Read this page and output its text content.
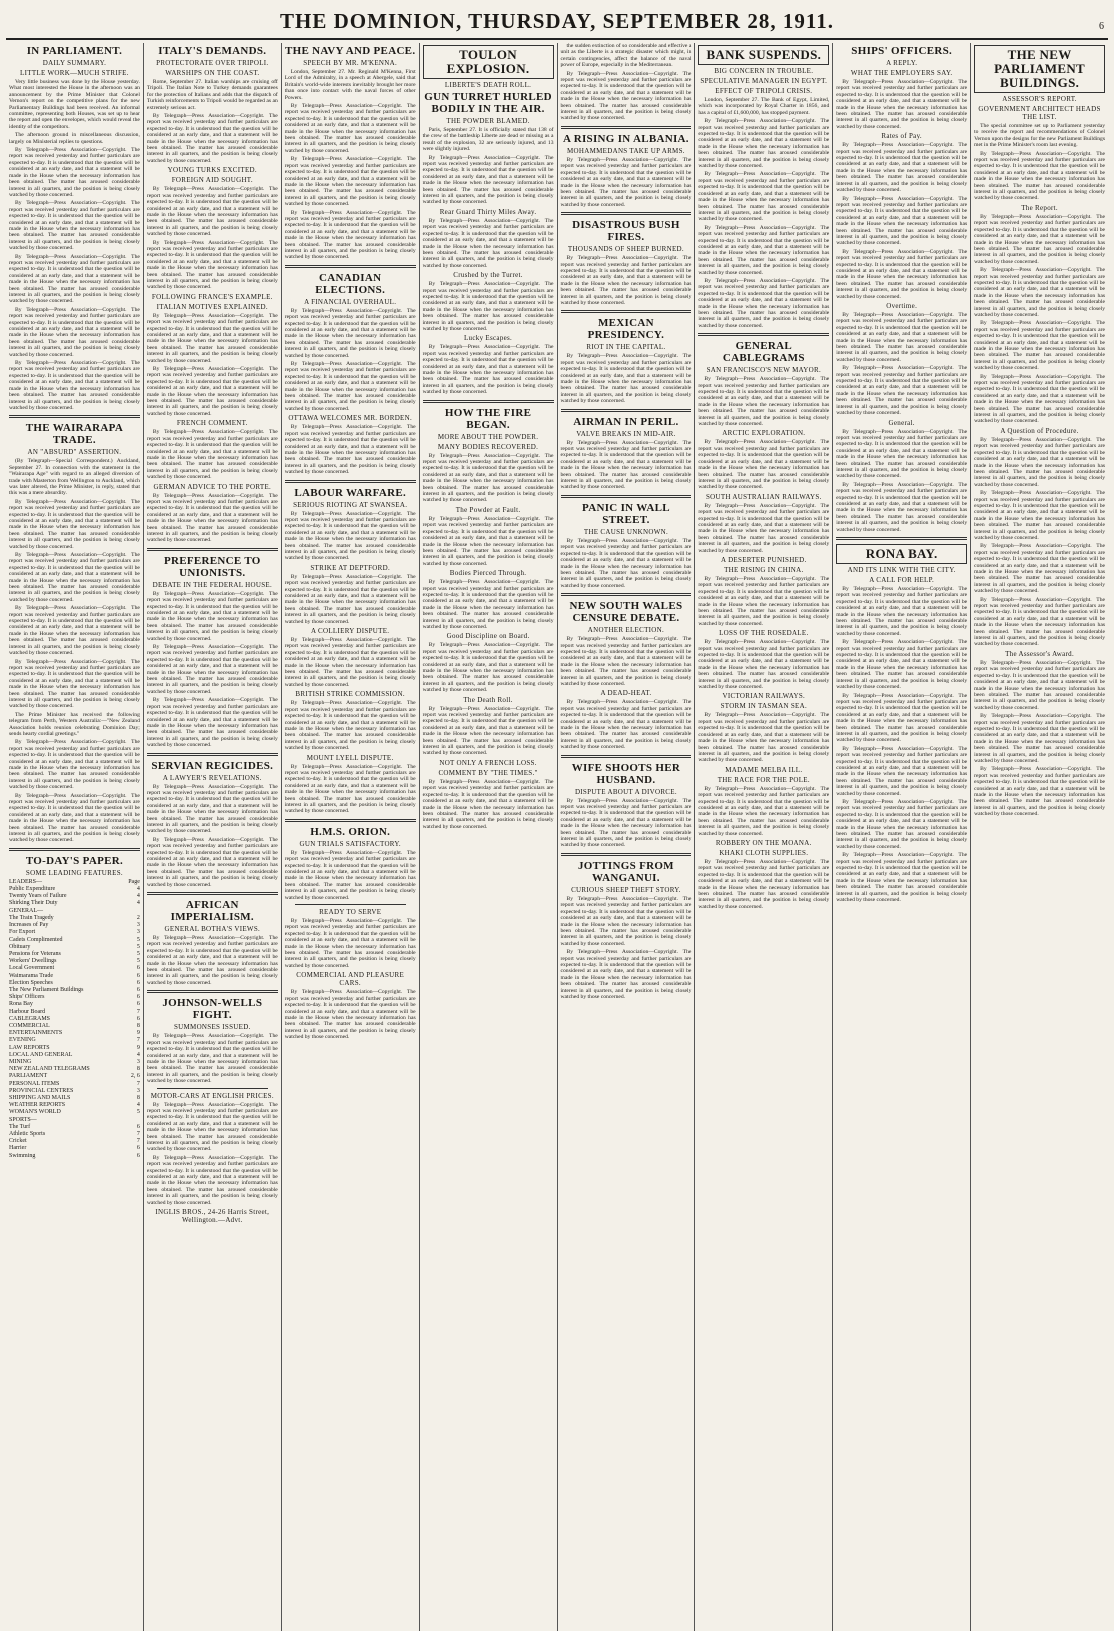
THE DOMINION, THURSDAY, SEPTEMBER 28, 1911.	6
IN PARLIAMENT.
DAILY SUMMARY.
LITTLE WORK—MUCH STRIFE.

Very little business was done by the House yesterday. What most interested the House in the afternoon was an announcement by the Prime Minister that Colonel Vernon's report on the competitive plans for the new Parliamentary Buildings had been received. An informal committee, representing both Houses, was set up to hear the report and open the envelopes, which would reveal the identity of the competitors.

The afternoon ground in miscellaneous discussion, largely on Ministerial replies to questions.

By Telegraph—Press Association—Copyright. The report was received yesterday and further particulars are expected to-day. It is understood that the question will be considered at an early date, and that a statement will be made in the House when the necessary information has been obtained. The matter has aroused considerable interest in all quarters, and the position is being closely watched by those concerned.

By Telegraph—Press Association—Copyright. The report was received yesterday and further particulars are expected to-day. It is understood that the question will be considered at an early date, and that a statement will be made in the House when the necessary information has been obtained. The matter has aroused considerable interest in all quarters, and the position is being closely watched by those concerned.

By Telegraph—Press Association—Copyright. The report was received yesterday and further particulars are expected to-day. It is understood that the question will be considered at an early date, and that a statement will be made in the House when the necessary information has been obtained. The matter has aroused considerable interest in all quarters, and the position is being closely watched by those concerned.

By Telegraph—Press Association—Copyright. The report was received yesterday and further particulars are expected to-day. It is understood that the question will be considered at an early date, and that a statement will be made in the House when the necessary information has been obtained. The matter has aroused considerable interest in all quarters, and the position is being closely watched by those concerned.

By Telegraph—Press Association—Copyright. The report was received yesterday and further particulars are expected to-day. It is understood that the question will be considered at an early date, and that a statement will be made in the House when the necessary information has been obtained. The matter has aroused considerable interest in all quarters, and the position is being closely watched by those concerned.

THE WAIRARAPA TRADE.
AN "ABSURD" ASSERTION.

(By Telegraph—Special Correspondent.) Auckland, September 27. In connection with the statement in the "Wairarapa Age" with regard to an alleged diversion of trade with Masterton from Wellington to Auckland, which was later altered, the Prime Minister, in reply, stated that this was a mere absurdity.

By Telegraph—Press Association—Copyright. The report was received yesterday and further particulars are expected to-day. It is understood that the question will be considered at an early date, and that a statement will be made in the House when the necessary information has been obtained. The matter has aroused considerable interest in all quarters, and the position is being closely watched by those concerned.

By Telegraph—Press Association—Copyright. The report was received yesterday and further particulars are expected to-day. It is understood that the question will be considered at an early date, and that a statement will be made in the House when the necessary information has been obtained. The matter has aroused considerable interest in all quarters, and the position is being closely watched by those concerned.

By Telegraph—Press Association—Copyright. The report was received yesterday and further particulars are expected to-day. It is understood that the question will be considered at an early date, and that a statement will be made in the House when the necessary information has been obtained. The matter has aroused considerable interest in all quarters, and the position is being closely watched by those concerned.

By Telegraph—Press Association—Copyright. The report was received yesterday and further particulars are expected to-day. It is understood that the question will be considered at an early date, and that a statement will be made in the House when the necessary information has been obtained. The matter has aroused considerable interest in all quarters, and the position is being closely watched by those concerned.

The Prime Minister has received the following telegram from Perth, Western Australia:—"New Zealand Association holds reunion celebrating Dominion Day; sends hearty cordial greetings."

By Telegraph—Press Association—Copyright. The report was received yesterday and further particulars are expected to-day. It is understood that the question will be considered at an early date, and that a statement will be made in the House when the necessary information has been obtained. The matter has aroused considerable interest in all quarters, and the position is being closely watched by those concerned.

By Telegraph—Press Association—Copyright. The report was received yesterday and further particulars are expected to-day. It is understood that the question will be considered at an early date, and that a statement will be made in the House when the necessary information has been obtained. The matter has aroused considerable interest in all quarters, and the position is being closely watched by those concerned.

TO-DAY'S PAPER.
SOME LEADING FEATURES.
LEADERS—	Page
Public Expenditure	4
Twenty Years of Failure	4
Shirking Their Duty	4
GENERAL—
The Train Tragedy	2
Increases of Pay	3
For Export	3
Cadets Complimented	5
Obituary	5
Pensions for Veterans	5
Workers' Dwellings	5
Local Government	6
Waimarama Trade	6
Election Speeches	6
The New Parliament Buildings	6
Ships' Officers	6
Rona Bay	6
Harbour Board	7
CABLEGRAMS	6
COMMERCIAL	8
ENTERTAINMENTS	9
EVENING	7
LAW REPORTS	9
LOCAL AND GENERAL	4
MINING	3
NEW ZEALAND TELEGRAMS	8
PARLIAMENT	2, 6
PERSONAL ITEMS	7
PROVINCIAL CENTRES	3
SHIPPING AND MAILS	8
WEATHER REPORTS	4
WOMAN'S WORLD	5
SPORTS—
The Turf	6
Athletic Sports	7
Cricket	7
Harrier	6
Swimming	6
ITALY'S DEMANDS.
PROTECTORATE OVER TRIPOLI.
WARSHIPS ON THE COAST.

Rome, September 27. Italian warships are cruising off Tripoli. The Italian Note to Turkey demands guarantees for the protection of Italians and adds that the dispatch of Turkish reinforcements to Tripoli would be regarded as an extremely serious act.

By Telegraph—Press Association—Copyright. The report was received yesterday and further particulars are expected to-day. It is understood that the question will be considered at an early date, and that a statement will be made in the House when the necessary information has been obtained. The matter has aroused considerable interest in all quarters, and the position is being closely watched by those concerned.

YOUNG TURKS EXCITED.
FOREIGN AID SOUGHT.

By Telegraph—Press Association—Copyright. The report was received yesterday and further particulars are expected to-day. It is understood that the question will be considered at an early date, and that a statement will be made in the House when the necessary information has been obtained. The matter has aroused considerable interest in all quarters, and the position is being closely watched by those concerned.

By Telegraph—Press Association—Copyright. The report was received yesterday and further particulars are expected to-day. It is understood that the question will be considered at an early date, and that a statement will be made in the House when the necessary information has been obtained. The matter has aroused considerable interest in all quarters, and the position is being closely watched by those concerned.

FOLLOWING FRANCE'S EXAMPLE.
ITALIAN MOTIVES EXPLAINED.

By Telegraph—Press Association—Copyright. The report was received yesterday and further particulars are expected to-day. It is understood that the question will be considered at an early date, and that a statement will be made in the House when the necessary information has been obtained. The matter has aroused considerable interest in all quarters, and the position is being closely watched by those concerned.

By Telegraph—Press Association—Copyright. The report was received yesterday and further particulars are expected to-day. It is understood that the question will be considered at an early date, and that a statement will be made in the House when the necessary information has been obtained. The matter has aroused considerable interest in all quarters, and the position is being closely watched by those concerned.

FRENCH COMMENT.

By Telegraph—Press Association—Copyright. The report was received yesterday and further particulars are expected to-day. It is understood that the question will be considered at an early date, and that a statement will be made in the House when the necessary information has been obtained. The matter has aroused considerable interest in all quarters, and the position is being closely watched by those concerned.

GERMAN ADVICE TO THE PORTE.

By Telegraph—Press Association—Copyright. The report was received yesterday and further particulars are expected to-day. It is understood that the question will be considered at an early date, and that a statement will be made in the House when the necessary information has been obtained. The matter has aroused considerable interest in all quarters, and the position is being closely watched by those concerned.

PREFERENCE TO UNIONISTS.
DEBATE IN THE FEDERAL HOUSE.

By Telegraph—Press Association—Copyright. The report was received yesterday and further particulars are expected to-day. It is understood that the question will be considered at an early date, and that a statement will be made in the House when the necessary information has been obtained. The matter has aroused considerable interest in all quarters, and the position is being closely watched by those concerned.

By Telegraph—Press Association—Copyright. The report was received yesterday and further particulars are expected to-day. It is understood that the question will be considered at an early date, and that a statement will be made in the House when the necessary information has been obtained. The matter has aroused considerable interest in all quarters, and the position is being closely watched by those concerned.

By Telegraph—Press Association—Copyright. The report was received yesterday and further particulars are expected to-day. It is understood that the question will be considered at an early date, and that a statement will be made in the House when the necessary information has been obtained. The matter has aroused considerable interest in all quarters, and the position is being closely watched by those concerned.

SERVIAN REGICIDES.
A LAWYER'S REVELATIONS.

By Telegraph—Press Association—Copyright. The report was received yesterday and further particulars are expected to-day. It is understood that the question will be considered at an early date, and that a statement will be made in the House when the necessary information has been obtained. The matter has aroused considerable interest in all quarters, and the position is being closely watched by those concerned.

By Telegraph—Press Association—Copyright. The report was received yesterday and further particulars are expected to-day. It is understood that the question will be considered at an early date, and that a statement will be made in the House when the necessary information has been obtained. The matter has aroused considerable interest in all quarters, and the position is being closely watched by those concerned.

AFRICAN IMPERIALISM.
GENERAL BOTHA'S VIEWS.

By Telegraph—Press Association—Copyright. The report was received yesterday and further particulars are expected to-day. It is understood that the question will be considered at an early date, and that a statement will be made in the House when the necessary information has been obtained. The matter has aroused considerable interest in all quarters, and the position is being closely watched by those concerned.

JOHNSON-WELLS FIGHT.
SUMMONSES ISSUED.

By Telegraph—Press Association—Copyright. The report was received yesterday and further particulars are expected to-day. It is understood that the question will be considered at an early date, and that a statement will be made in the House when the necessary information has been obtained. The matter has aroused considerable interest in all quarters, and the position is being closely watched by those concerned.

MOTOR-CARS AT ENGLISH PRICES.

By Telegraph—Press Association—Copyright. The report was received yesterday and further particulars are expected to-day. It is understood that the question will be considered at an early date, and that a statement will be made in the House when the necessary information has been obtained. The matter has aroused considerable interest in all quarters, and the position is being closely watched by those concerned.

By Telegraph—Press Association—Copyright. The report was received yesterday and further particulars are expected to-day. It is understood that the question will be considered at an early date, and that a statement will be made in the House when the necessary information has been obtained. The matter has aroused considerable interest in all quarters, and the position is being closely watched by those concerned.

INGLIS BROS., 24-26 Harris Street, Wellington.—Advt.
THE NAVY AND PEACE.
SPEECH BY MR. M'KENNA.

London, September 27. Mr. Reginald M'Kenna, First Lord of the Admiralty, in a speech at Abergele, said that Britain's world-wide interests inevitably brought her more than once into contact with the naval forces of other Powers.

By Telegraph—Press Association—Copyright. The report was received yesterday and further particulars are expected to-day. It is understood that the question will be considered at an early date, and that a statement will be made in the House when the necessary information has been obtained. The matter has aroused considerable interest in all quarters, and the position is being closely watched by those concerned.

By Telegraph—Press Association—Copyright. The report was received yesterday and further particulars are expected to-day. It is understood that the question will be considered at an early date, and that a statement will be made in the House when the necessary information has been obtained. The matter has aroused considerable interest in all quarters, and the position is being closely watched by those concerned.

By Telegraph—Press Association—Copyright. The report was received yesterday and further particulars are expected to-day. It is understood that the question will be considered at an early date, and that a statement will be made in the House when the necessary information has been obtained. The matter has aroused considerable interest in all quarters, and the position is being closely watched by those concerned.

CANADIAN ELECTIONS.
A FINANCIAL OVERHAUL.

By Telegraph—Press Association—Copyright. The report was received yesterday and further particulars are expected to-day. It is understood that the question will be considered at an early date, and that a statement will be made in the House when the necessary information has been obtained. The matter has aroused considerable interest in all quarters, and the position is being closely watched by those concerned.

By Telegraph—Press Association—Copyright. The report was received yesterday and further particulars are expected to-day. It is understood that the question will be considered at an early date, and that a statement will be made in the House when the necessary information has been obtained. The matter has aroused considerable interest in all quarters, and the position is being closely watched by those concerned.

OTTAWA WELCOMES MR. BORDEN.

By Telegraph—Press Association—Copyright. The report was received yesterday and further particulars are expected to-day. It is understood that the question will be considered at an early date, and that a statement will be made in the House when the necessary information has been obtained. The matter has aroused considerable interest in all quarters, and the position is being closely watched by those concerned.

LABOUR WARFARE.
SERIOUS RIOTING AT SWANSEA.

By Telegraph—Press Association—Copyright. The report was received yesterday and further particulars are expected to-day. It is understood that the question will be considered at an early date, and that a statement will be made in the House when the necessary information has been obtained. The matter has aroused considerable interest in all quarters, and the position is being closely watched by those concerned.

STRIKE AT DEPTFORD.

By Telegraph—Press Association—Copyright. The report was received yesterday and further particulars are expected to-day. It is understood that the question will be considered at an early date, and that a statement will be made in the House when the necessary information has been obtained. The matter has aroused considerable interest in all quarters, and the position is being closely watched by those concerned.

A COLLIERY DISPUTE.

By Telegraph—Press Association—Copyright. The report was received yesterday and further particulars are expected to-day. It is understood that the question will be considered at an early date, and that a statement will be made in the House when the necessary information has been obtained. The matter has aroused considerable interest in all quarters, and the position is being closely watched by those concerned.

BRITISH STRIKE COMMISSION.

By Telegraph—Press Association—Copyright. The report was received yesterday and further particulars are expected to-day. It is understood that the question will be considered at an early date, and that a statement will be made in the House when the necessary information has been obtained. The matter has aroused considerable interest in all quarters, and the position is being closely watched by those concerned.

MOUNT LYELL DISPUTE.

By Telegraph—Press Association—Copyright. The report was received yesterday and further particulars are expected to-day. It is understood that the question will be considered at an early date, and that a statement will be made in the House when the necessary information has been obtained. The matter has aroused considerable interest in all quarters, and the position is being closely watched by those concerned.

H.M.S. ORION.
GUN TRIALS SATISFACTORY.

By Telegraph—Press Association—Copyright. The report was received yesterday and further particulars are expected to-day. It is understood that the question will be considered at an early date, and that a statement will be made in the House when the necessary information has been obtained. The matter has aroused considerable interest in all quarters, and the position is being closely watched by those concerned.

READY TO SERVE

By Telegraph—Press Association—Copyright. The report was received yesterday and further particulars are expected to-day. It is understood that the question will be considered at an early date, and that a statement will be made in the House when the necessary information has been obtained. The matter has aroused considerable interest in all quarters, and the position is being closely watched by those concerned.

COMMERCIAL AND PLEASURE CARS.

By Telegraph—Press Association—Copyright. The report was received yesterday and further particulars are expected to-day. It is understood that the question will be considered at an early date, and that a statement will be made in the House when the necessary information has been obtained. The matter has aroused considerable interest in all quarters, and the position is being closely watched by those concerned.

TOULON EXPLOSION.
LIBERTE'S DEATH ROLL.
GUN TURRET HURLED BODILY IN THE AIR.
THE POWDER BLAMED.

Paris, September 27. It is officially stated that 138 of the crew of the battleship Liberte are dead or missing as a result of the explosion, 32 are seriously injured, and 13 were slightly injured.

By Telegraph—Press Association—Copyright. The report was received yesterday and further particulars are expected to-day. It is understood that the question will be considered at an early date, and that a statement will be made in the House when the necessary information has been obtained. The matter has aroused considerable interest in all quarters, and the position is being closely watched by those concerned.

Rear Guard Thirty Miles Away.

By Telegraph—Press Association—Copyright. The report was received yesterday and further particulars are expected to-day. It is understood that the question will be considered at an early date, and that a statement will be made in the House when the necessary information has been obtained. The matter has aroused considerable interest in all quarters, and the position is being closely watched by those concerned.

Crushed by the Turret.

By Telegraph—Press Association—Copyright. The report was received yesterday and further particulars are expected to-day. It is understood that the question will be considered at an early date, and that a statement will be made in the House when the necessary information has been obtained. The matter has aroused considerable interest in all quarters, and the position is being closely watched by those concerned.

Lucky Escapes.

By Telegraph—Press Association—Copyright. The report was received yesterday and further particulars are expected to-day. It is understood that the question will be considered at an early date, and that a statement will be made in the House when the necessary information has been obtained. The matter has aroused considerable interest in all quarters, and the position is being closely watched by those concerned.

HOW THE FIRE BEGAN.
MORE ABOUT THE POWDER.
MANY BODIES RECOVERED.

By Telegraph—Press Association—Copyright. The report was received yesterday and further particulars are expected to-day. It is understood that the question will be considered at an early date, and that a statement will be made in the House when the necessary information has been obtained. The matter has aroused considerable interest in all quarters, and the position is being closely watched by those concerned.

The Powder at Fault.

By Telegraph—Press Association—Copyright. The report was received yesterday and further particulars are expected to-day. It is understood that the question will be considered at an early date, and that a statement will be made in the House when the necessary information has been obtained. The matter has aroused considerable interest in all quarters, and the position is being closely watched by those concerned.

Bodies Pierced Through.

By Telegraph—Press Association—Copyright. The report was received yesterday and further particulars are expected to-day. It is understood that the question will be considered at an early date, and that a statement will be made in the House when the necessary information has been obtained. The matter has aroused considerable interest in all quarters, and the position is being closely watched by those concerned.

Good Discipline on Board.

By Telegraph—Press Association—Copyright. The report was received yesterday and further particulars are expected to-day. It is understood that the question will be considered at an early date, and that a statement will be made in the House when the necessary information has been obtained. The matter has aroused considerable interest in all quarters, and the position is being closely watched by those concerned.

The Death Roll.

By Telegraph—Press Association—Copyright. The report was received yesterday and further particulars are expected to-day. It is understood that the question will be considered at an early date, and that a statement will be made in the House when the necessary information has been obtained. The matter has aroused considerable interest in all quarters, and the position is being closely watched by those concerned.

NOT ONLY A FRENCH LOSS.
COMMENT BY "THE TIMES."

By Telegraph—Press Association—Copyright. The report was received yesterday and further particulars are expected to-day. It is understood that the question will be considered at an early date, and that a statement will be made in the House when the necessary information has been obtained. The matter has aroused considerable interest in all quarters, and the position is being closely watched by those concerned.

the sudden extinction of so considerable and effective a unit as the Liberte is a strategic disaster which might, in certain contingencies, affect the balance of the naval power of Europe, especially in the Mediterranean.

By Telegraph—Press Association—Copyright. The report was received yesterday and further particulars are expected to-day. It is understood that the question will be considered at an early date, and that a statement will be made in the House when the necessary information has been obtained. The matter has aroused considerable interest in all quarters, and the position is being closely watched by those concerned.

A RISING IN ALBANIA.
MOHAMMEDANS TAKE UP ARMS.

By Telegraph—Press Association—Copyright. The report was received yesterday and further particulars are expected to-day. It is understood that the question will be considered at an early date, and that a statement will be made in the House when the necessary information has been obtained. The matter has aroused considerable interest in all quarters, and the position is being closely watched by those concerned.

DISASTROUS BUSH FIRES.
THOUSANDS OF SHEEP BURNED.

By Telegraph—Press Association—Copyright. The report was received yesterday and further particulars are expected to-day. It is understood that the question will be considered at an early date, and that a statement will be made in the House when the necessary information has been obtained. The matter has aroused considerable interest in all quarters, and the position is being closely watched by those concerned.

MEXICAN PRESIDENCY.
RIOT IN THE CAPITAL.

By Telegraph—Press Association—Copyright. The report was received yesterday and further particulars are expected to-day. It is understood that the question will be considered at an early date, and that a statement will be made in the House when the necessary information has been obtained. The matter has aroused considerable interest in all quarters, and the position is being closely watched by those concerned.

AIRMAN IN PERIL.
VALVE BREAKS IN MID-AIR.

By Telegraph—Press Association—Copyright. The report was received yesterday and further particulars are expected to-day. It is understood that the question will be considered at an early date, and that a statement will be made in the House when the necessary information has been obtained. The matter has aroused considerable interest in all quarters, and the position is being closely watched by those concerned.

PANIC IN WALL STREET.
THE CAUSE UNKNOWN.

By Telegraph—Press Association—Copyright. The report was received yesterday and further particulars are expected to-day. It is understood that the question will be considered at an early date, and that a statement will be made in the House when the necessary information has been obtained. The matter has aroused considerable interest in all quarters, and the position is being closely watched by those concerned.

NEW SOUTH WALES CENSURE DEBATE.
ANOTHER ELECTION.

By Telegraph—Press Association—Copyright. The report was received yesterday and further particulars are expected to-day. It is understood that the question will be considered at an early date, and that a statement will be made in the House when the necessary information has been obtained. The matter has aroused considerable interest in all quarters, and the position is being closely watched by those concerned.

A DEAD-HEAT.

By Telegraph—Press Association—Copyright. The report was received yesterday and further particulars are expected to-day. It is understood that the question will be considered at an early date, and that a statement will be made in the House when the necessary information has been obtained. The matter has aroused considerable interest in all quarters, and the position is being closely watched by those concerned.

WIFE SHOOTS HER HUSBAND.
DISPUTE ABOUT A DIVORCE.

By Telegraph—Press Association—Copyright. The report was received yesterday and further particulars are expected to-day. It is understood that the question will be considered at an early date, and that a statement will be made in the House when the necessary information has been obtained. The matter has aroused considerable interest in all quarters, and the position is being closely watched by those concerned.

JOTTINGS FROM WANGANUI.
CURIOUS SHEEP THEFT STORY.

By Telegraph—Press Association—Copyright. The report was received yesterday and further particulars are expected to-day. It is understood that the question will be considered at an early date, and that a statement will be made in the House when the necessary information has been obtained. The matter has aroused considerable interest in all quarters, and the position is being closely watched by those concerned.

By Telegraph—Press Association—Copyright. The report was received yesterday and further particulars are expected to-day. It is understood that the question will be considered at an early date, and that a statement will be made in the House when the necessary information has been obtained. The matter has aroused considerable interest in all quarters, and the position is being closely watched by those concerned.

BANK SUSPENDS.
BIG CONCERN IN TROUBLE.
SPECULATIVE MANAGER IN EGYPT.
EFFECT OF TRIPOLI CRISIS.

London, September 27. The Bank of Egypt, Limited, which was incorporated by Royal Charter in 1856, and has a capital of £1,600,000, has stopped payment.

By Telegraph—Press Association—Copyright. The report was received yesterday and further particulars are expected to-day. It is understood that the question will be considered at an early date, and that a statement will be made in the House when the necessary information has been obtained. The matter has aroused considerable interest in all quarters, and the position is being closely watched by those concerned.

By Telegraph—Press Association—Copyright. The report was received yesterday and further particulars are expected to-day. It is understood that the question will be considered at an early date, and that a statement will be made in the House when the necessary information has been obtained. The matter has aroused considerable interest in all quarters, and the position is being closely watched by those concerned.

By Telegraph—Press Association—Copyright. The report was received yesterday and further particulars are expected to-day. It is understood that the question will be considered at an early date, and that a statement will be made in the House when the necessary information has been obtained. The matter has aroused considerable interest in all quarters, and the position is being closely watched by those concerned.

By Telegraph—Press Association—Copyright. The report was received yesterday and further particulars are expected to-day. It is understood that the question will be considered at an early date, and that a statement will be made in the House when the necessary information has been obtained. The matter has aroused considerable interest in all quarters, and the position is being closely watched by those concerned.

GENERAL CABLEGRAMS
SAN FRANCISCO'S NEW MAYOR.

By Telegraph—Press Association—Copyright. The report was received yesterday and further particulars are expected to-day. It is understood that the question will be considered at an early date, and that a statement will be made in the House when the necessary information has been obtained. The matter has aroused considerable interest in all quarters, and the position is being closely watched by those concerned.

ARCTIC EXPLORATION.

By Telegraph—Press Association—Copyright. The report was received yesterday and further particulars are expected to-day. It is understood that the question will be considered at an early date, and that a statement will be made in the House when the necessary information has been obtained. The matter has aroused considerable interest in all quarters, and the position is being closely watched by those concerned.

SOUTH AUSTRALIAN RAILWAYS.

By Telegraph—Press Association—Copyright. The report was received yesterday and further particulars are expected to-day. It is understood that the question will be considered at an early date, and that a statement will be made in the House when the necessary information has been obtained. The matter has aroused considerable interest in all quarters, and the position is being closely watched by those concerned.

A DESERTER PUNISHED.
THE RISING IN CHINA.

By Telegraph—Press Association—Copyright. The report was received yesterday and further particulars are expected to-day. It is understood that the question will be considered at an early date, and that a statement will be made in the House when the necessary information has been obtained. The matter has aroused considerable interest in all quarters, and the position is being closely watched by those concerned.

LOSS OF THE ROSEDALE.

By Telegraph—Press Association—Copyright. The report was received yesterday and further particulars are expected to-day. It is understood that the question will be considered at an early date, and that a statement will be made in the House when the necessary information has been obtained. The matter has aroused considerable interest in all quarters, and the position is being closely watched by those concerned.

VICTORIAN RAILWAYS.
STORM IN TASMAN SEA.

By Telegraph—Press Association—Copyright. The report was received yesterday and further particulars are expected to-day. It is understood that the question will be considered at an early date, and that a statement will be made in the House when the necessary information has been obtained. The matter has aroused considerable interest in all quarters, and the position is being closely watched by those concerned.

MADAME MELBA ILL.
THE RACE FOR THE POLE.

By Telegraph—Press Association—Copyright. The report was received yesterday and further particulars are expected to-day. It is understood that the question will be considered at an early date, and that a statement will be made in the House when the necessary information has been obtained. The matter has aroused considerable interest in all quarters, and the position is being closely watched by those concerned.

ROBBERY ON THE MOANA.
KHAKI CLOTH SUPPLIES.

By Telegraph—Press Association—Copyright. The report was received yesterday and further particulars are expected to-day. It is understood that the question will be considered at an early date, and that a statement will be made in the House when the necessary information has been obtained. The matter has aroused considerable interest in all quarters, and the position is being closely watched by those concerned.

SHIPS' OFFICERS.
A REPLY.
WHAT THE EMPLOYERS SAY.

By Telegraph—Press Association—Copyright. The report was received yesterday and further particulars are expected to-day. It is understood that the question will be considered at an early date, and that a statement will be made in the House when the necessary information has been obtained. The matter has aroused considerable interest in all quarters, and the position is being closely watched by those concerned.

Rates of Pay.

By Telegraph—Press Association—Copyright. The report was received yesterday and further particulars are expected to-day. It is understood that the question will be considered at an early date, and that a statement will be made in the House when the necessary information has been obtained. The matter has aroused considerable interest in all quarters, and the position is being closely watched by those concerned.

By Telegraph—Press Association—Copyright. The report was received yesterday and further particulars are expected to-day. It is understood that the question will be considered at an early date, and that a statement will be made in the House when the necessary information has been obtained. The matter has aroused considerable interest in all quarters, and the position is being closely watched by those concerned.

By Telegraph—Press Association—Copyright. The report was received yesterday and further particulars are expected to-day. It is understood that the question will be considered at an early date, and that a statement will be made in the House when the necessary information has been obtained. The matter has aroused considerable interest in all quarters, and the position is being closely watched by those concerned.

Overtime.

By Telegraph—Press Association—Copyright. The report was received yesterday and further particulars are expected to-day. It is understood that the question will be considered at an early date, and that a statement will be made in the House when the necessary information has been obtained. The matter has aroused considerable interest in all quarters, and the position is being closely watched by those concerned.

By Telegraph—Press Association—Copyright. The report was received yesterday and further particulars are expected to-day. It is understood that the question will be considered at an early date, and that a statement will be made in the House when the necessary information has been obtained. The matter has aroused considerable interest in all quarters, and the position is being closely watched by those concerned.

General.

By Telegraph—Press Association—Copyright. The report was received yesterday and further particulars are expected to-day. It is understood that the question will be considered at an early date, and that a statement will be made in the House when the necessary information has been obtained. The matter has aroused considerable interest in all quarters, and the position is being closely watched by those concerned.

By Telegraph—Press Association—Copyright. The report was received yesterday and further particulars are expected to-day. It is understood that the question will be considered at an early date, and that a statement will be made in the House when the necessary information has been obtained. The matter has aroused considerable interest in all quarters, and the position is being closely watched by those concerned.

RONA BAY.
AND ITS LINK WITH THE CITY.
A CALL FOR HELP.

By Telegraph—Press Association—Copyright. The report was received yesterday and further particulars are expected to-day. It is understood that the question will be considered at an early date, and that a statement will be made in the House when the necessary information has been obtained. The matter has aroused considerable interest in all quarters, and the position is being closely watched by those concerned.

By Telegraph—Press Association—Copyright. The report was received yesterday and further particulars are expected to-day. It is understood that the question will be considered at an early date, and that a statement will be made in the House when the necessary information has been obtained. The matter has aroused considerable interest in all quarters, and the position is being closely watched by those concerned.

By Telegraph—Press Association—Copyright. The report was received yesterday and further particulars are expected to-day. It is understood that the question will be considered at an early date, and that a statement will be made in the House when the necessary information has been obtained. The matter has aroused considerable interest in all quarters, and the position is being closely watched by those concerned.

By Telegraph—Press Association—Copyright. The report was received yesterday and further particulars are expected to-day. It is understood that the question will be considered at an early date, and that a statement will be made in the House when the necessary information has been obtained. The matter has aroused considerable interest in all quarters, and the position is being closely watched by those concerned.

By Telegraph—Press Association—Copyright. The report was received yesterday and further particulars are expected to-day. It is understood that the question will be considered at an early date, and that a statement will be made in the House when the necessary information has been obtained. The matter has aroused considerable interest in all quarters, and the position is being closely watched by those concerned.

By Telegraph—Press Association—Copyright. The report was received yesterday and further particulars are expected to-day. It is understood that the question will be considered at an early date, and that a statement will be made in the House when the necessary information has been obtained. The matter has aroused considerable interest in all quarters, and the position is being closely watched by those concerned.

THE NEW PARLIAMENT BUILDINGS.
ASSESSOR'S REPORT.
GOVERNMENT ARCHITECT HEADS THE LIST.

The special committee set up to Parliament yesterday to receive the report and recommendations of Colonel Vernon upon the designs for the new Parliament Buildings met in the Prime Minister's room last evening.

By Telegraph—Press Association—Copyright. The report was received yesterday and further particulars are expected to-day. It is understood that the question will be considered at an early date, and that a statement will be made in the House when the necessary information has been obtained. The matter has aroused considerable interest in all quarters, and the position is being closely watched by those concerned.

The Report.

By Telegraph—Press Association—Copyright. The report was received yesterday and further particulars are expected to-day. It is understood that the question will be considered at an early date, and that a statement will be made in the House when the necessary information has been obtained. The matter has aroused considerable interest in all quarters, and the position is being closely watched by those concerned.

By Telegraph—Press Association—Copyright. The report was received yesterday and further particulars are expected to-day. It is understood that the question will be considered at an early date, and that a statement will be made in the House when the necessary information has been obtained. The matter has aroused considerable interest in all quarters, and the position is being closely watched by those concerned.

By Telegraph—Press Association—Copyright. The report was received yesterday and further particulars are expected to-day. It is understood that the question will be considered at an early date, and that a statement will be made in the House when the necessary information has been obtained. The matter has aroused considerable interest in all quarters, and the position is being closely watched by those concerned.

By Telegraph—Press Association—Copyright. The report was received yesterday and further particulars are expected to-day. It is understood that the question will be considered at an early date, and that a statement will be made in the House when the necessary information has been obtained. The matter has aroused considerable interest in all quarters, and the position is being closely watched by those concerned.

A Question of Procedure.

By Telegraph—Press Association—Copyright. The report was received yesterday and further particulars are expected to-day. It is understood that the question will be considered at an early date, and that a statement will be made in the House when the necessary information has been obtained. The matter has aroused considerable interest in all quarters, and the position is being closely watched by those concerned.

By Telegraph—Press Association—Copyright. The report was received yesterday and further particulars are expected to-day. It is understood that the question will be considered at an early date, and that a statement will be made in the House when the necessary information has been obtained. The matter has aroused considerable interest in all quarters, and the position is being closely watched by those concerned.

By Telegraph—Press Association—Copyright. The report was received yesterday and further particulars are expected to-day. It is understood that the question will be considered at an early date, and that a statement will be made in the House when the necessary information has been obtained. The matter has aroused considerable interest in all quarters, and the position is being closely watched by those concerned.

By Telegraph—Press Association—Copyright. The report was received yesterday and further particulars are expected to-day. It is understood that the question will be considered at an early date, and that a statement will be made in the House when the necessary information has been obtained. The matter has aroused considerable interest in all quarters, and the position is being closely watched by those concerned.

The Assessor's Award.

By Telegraph—Press Association—Copyright. The report was received yesterday and further particulars are expected to-day. It is understood that the question will be considered at an early date, and that a statement will be made in the House when the necessary information has been obtained. The matter has aroused considerable interest in all quarters, and the position is being closely watched by those concerned.

By Telegraph—Press Association—Copyright. The report was received yesterday and further particulars are expected to-day. It is understood that the question will be considered at an early date, and that a statement will be made in the House when the necessary information has been obtained. The matter has aroused considerable interest in all quarters, and the position is being closely watched by those concerned.

By Telegraph—Press Association—Copyright. The report was received yesterday and further particulars are expected to-day. It is understood that the question will be considered at an early date, and that a statement will be made in the House when the necessary information has been obtained. The matter has aroused considerable interest in all quarters, and the position is being closely watched by those concerned.
